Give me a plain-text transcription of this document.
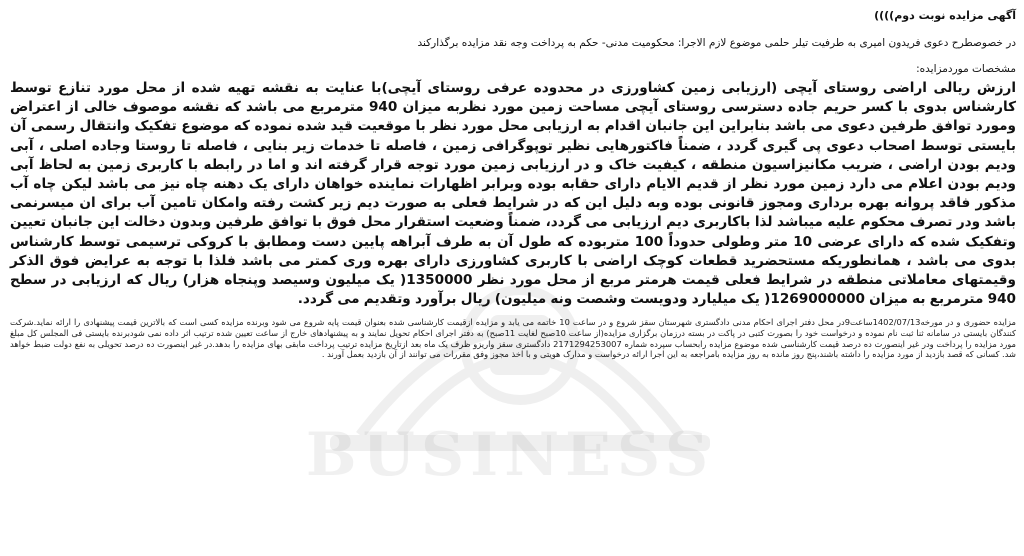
BUSINESS
آگهی مزایده نوبت دوم))))
در خصوصطرح دعوی فریدون امیری به طرفیت تیلر حلمی موضوع لازم الاجرا: محکومیت مدنی- حکم به پرداخت وجه نقد مزایده برگذارکند
مشخصات موردمزایده:
ارزش ریالی اراضی روستای آیچی (ارزیابی زمین کشاورزی در محدوده عرفی روستای آیچی)با عنایت به نقشه تهیه شده از محل مورد تنازع توسط کارشناس بدوی با کسر حریم جاده دسترسی روستای آیچی مساحت زمین مورد نظربه میزان 940 مترمربع می باشد که نقشه موصوف خالی از اعتراض ومورد توافق طرفین دعوی می باشد بنابراین این جانبان اقدام به ارزیابی محل مورد نظر با موقعیت قید شده نموده که موضوع تفکیک وانتقال رسمی آن بایستی توسط اصحاب دعوی پی گیری گردد ، ضمناً فاکتورهایی نظیر توپوگرافی زمین ، فاصله تا خدمات زیر بنایی ، فاصله تا روستا وجاده اصلی ، آبی ودیم بودن اراضی ، ضریب مکانیزاسیون منطقه ، کیفیت خاک و در ارزیابی زمین مورد توجه قرار گرفته اند و اما در رابطه با کاربری زمین به لحاظ آبی ودیم بودن اعلام می دارد زمین مورد نظر از قدیم الایام دارای حقابه بوده وبرابر اظهارات نماینده خواهان دارای یک دهنه چاه نیز می باشد لیکن چاه آب مذکور فاقد پروانه بهره برداری ومجوز قانونی بوده وبه دلیل این که در شرایط فعلی به صورت دیم زیر کشت رفته وامکان تامین آب برای ان میسرنمی باشد ودر تصرف محکوم علیه میباشد لذا باکاربری دیم ارزیابی می گردد، ضمناً وضعیت استقرار محل فوق با توافق طرفین وبدون دخالت این جانبان تعیین وتفکیک شده که دارای عرضی 10 متر وطولی حدوداً 100 متربوده که طول آن به طرف آبراهه پایین دست ومطابق با کروکی ترسیمی توسط کارشناس بدوی می باشد ، همانطوریکه مستحضرید قطعات کوچک اراضی با کاربری کشاورزی دارای بهره وری کمتر می باشد فلذا با توجه به عرایض فوق الذکر وقیمتهای معاملاتی منطقه در شرایط فعلی قیمت هرمتر مربع از محل مورد نظر 1350000( یک میلیون وسیصد وپنجاه هزار) ریال که ارزیابی در سطح 940 مترمربع به میزان 1269000000( یک میلیارد ودویست وشصت ونه میلیون) ریال برآورد وتقدیم می گردد.
مزایده حضوری و در مورخه1402/07/13ساعت9در محل دفتر اجرای احکام مدنی دادگستری شهرستان سقز شروع و در ساعت 10 خاتمه می یابد و مزایده ازقیمت کارشناسی شده بعنوان قیمت پایه شروع می شود وبرنده مزایده کسی است که بالاترین قیمت پیشنهادی را ارائه نماید.شرکت کنندگان بایستی در سامانه ثنا ثبت نام نموده و درخواست خود را بصورت کتبی در پاکت در بسته درزمان برگزاری مزایده(از ساعت 10صبح لغایت 11صبح) به دفتر اجرای احکام تحویل نمایند و به پیشنهادهای خارج از ساعت تعیین شده ترتیب اثر داده نمی شودبرنده بایستی فی المجلس کل مبلغ مورد مزایده را پرداخت ودر غیر اینصورت ده درصد قیمت کارشناسی شده موضوع مزایده رابحساب سپرده شماره 2171294253007 دادگستری سقز واریزو ظرف یک ماه بعد ازتاریخ مزایده ترتیب پرداخت مابقی بهای مزایده را بدهد.در غیر اینصورت ده درصد تحویلی به نفع دولت ضبط خواهد شد. کسانی که قصد بازدید از مورد مزایده را داشته باشند،پنج روز مانده به روز مزایده بامراجعه به این اجرا ارائه درخواست و مدارک هویتی و با اخذ مجوز وفق مقررات می توانند از آن بازدید بعمل آورند .
